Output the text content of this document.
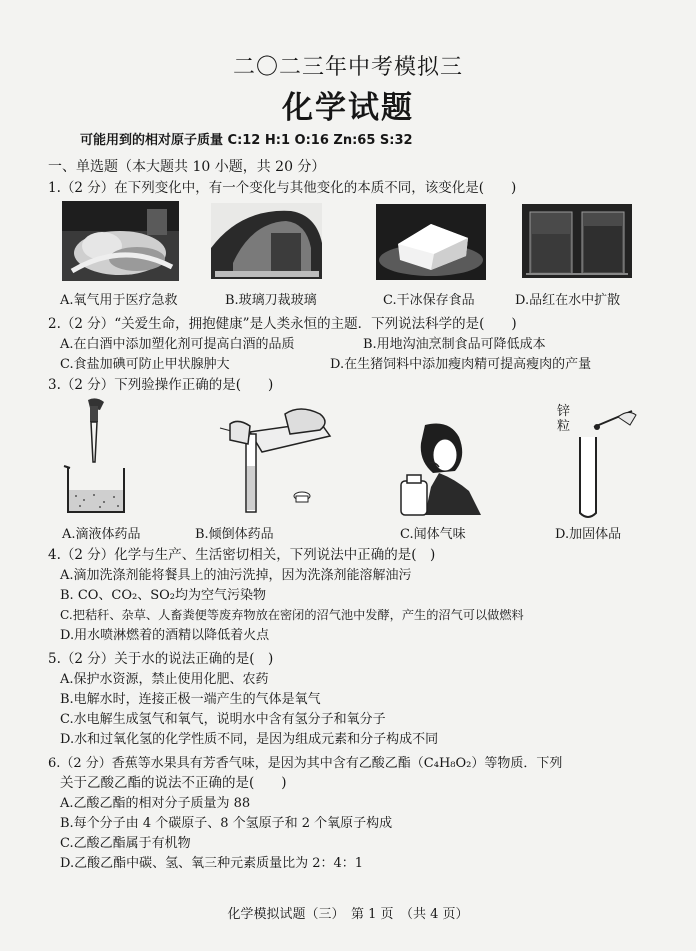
二〇二三年中考模拟三
化学试题
可能用到的相对原子质量 C:12 H:1 O:16 Zn:65 S:32
一、单选题（本大题共 10 小题，共 20 分）
1.（2 分）在下列变化中，有一个变化与其他变化的本质不同，该变化是(　　)
A.氧气用于医疗急救	B.玻璃刀裁玻璃	C.干冰保存食品	D.品红在水中扩散
2.（2 分）“关爱生命，拥抱健康”是人类永恒的主题．下列说法科学的是(　　)
A.在白酒中添加塑化剂可提高白酒的品质	B.用地沟油烹制食品可降低成本
C.食盐加碘可防止甲状腺肿大	D.在生猪饲料中添加瘦肉精可提高瘦肉的产量
3.（2 分）下列验操作正确的是(　　)
锌
粒
A.滴液体药品	B.倾倒体药品	C.闻体气味	D.加固体品
4.（2 分）化学与生产、生活密切相关，下列说法中正确的是(　)
A.滴加洗涤剂能将餐具上的油污洗掉，因为洗涤剂能溶解油污
B. CO、CO₂、SO₂均为空气污染物
C.把秸秆、杂草、人畜粪便等废弃物放在密闭的沼气池中发酵，产生的沼气可以做燃料
D.用水喷淋燃着的酒精以降低着火点
5.（2 分）关于水的说法正确的是(　)
A.保护水资源，禁止使用化肥、农药
B.电解水时，连接正极一端产生的气体是氧气
C.水电解生成氢气和氧气，说明水中含有氢分子和氧分子
D.水和过氧化氢的化学性质不同，是因为组成元素和分子构成不同
6.（2 分）香蕉等水果具有芳香气味，是因为其中含有乙酸乙酯（C₄H₈O₂）等物质．下列
关于乙酸乙酯的说法不正确的是(　　)
A.乙酸乙酯的相对分子质量为 88
B.每个分子由 4 个碳原子、8 个氢原子和 2 个氧原子构成
C.乙酸乙酯属于有机物
D.乙酸乙酯中碳、氢、氧三种元素质量比为 2：4：1
化学模拟试题（三）　第 1 页　（共 4 页）
